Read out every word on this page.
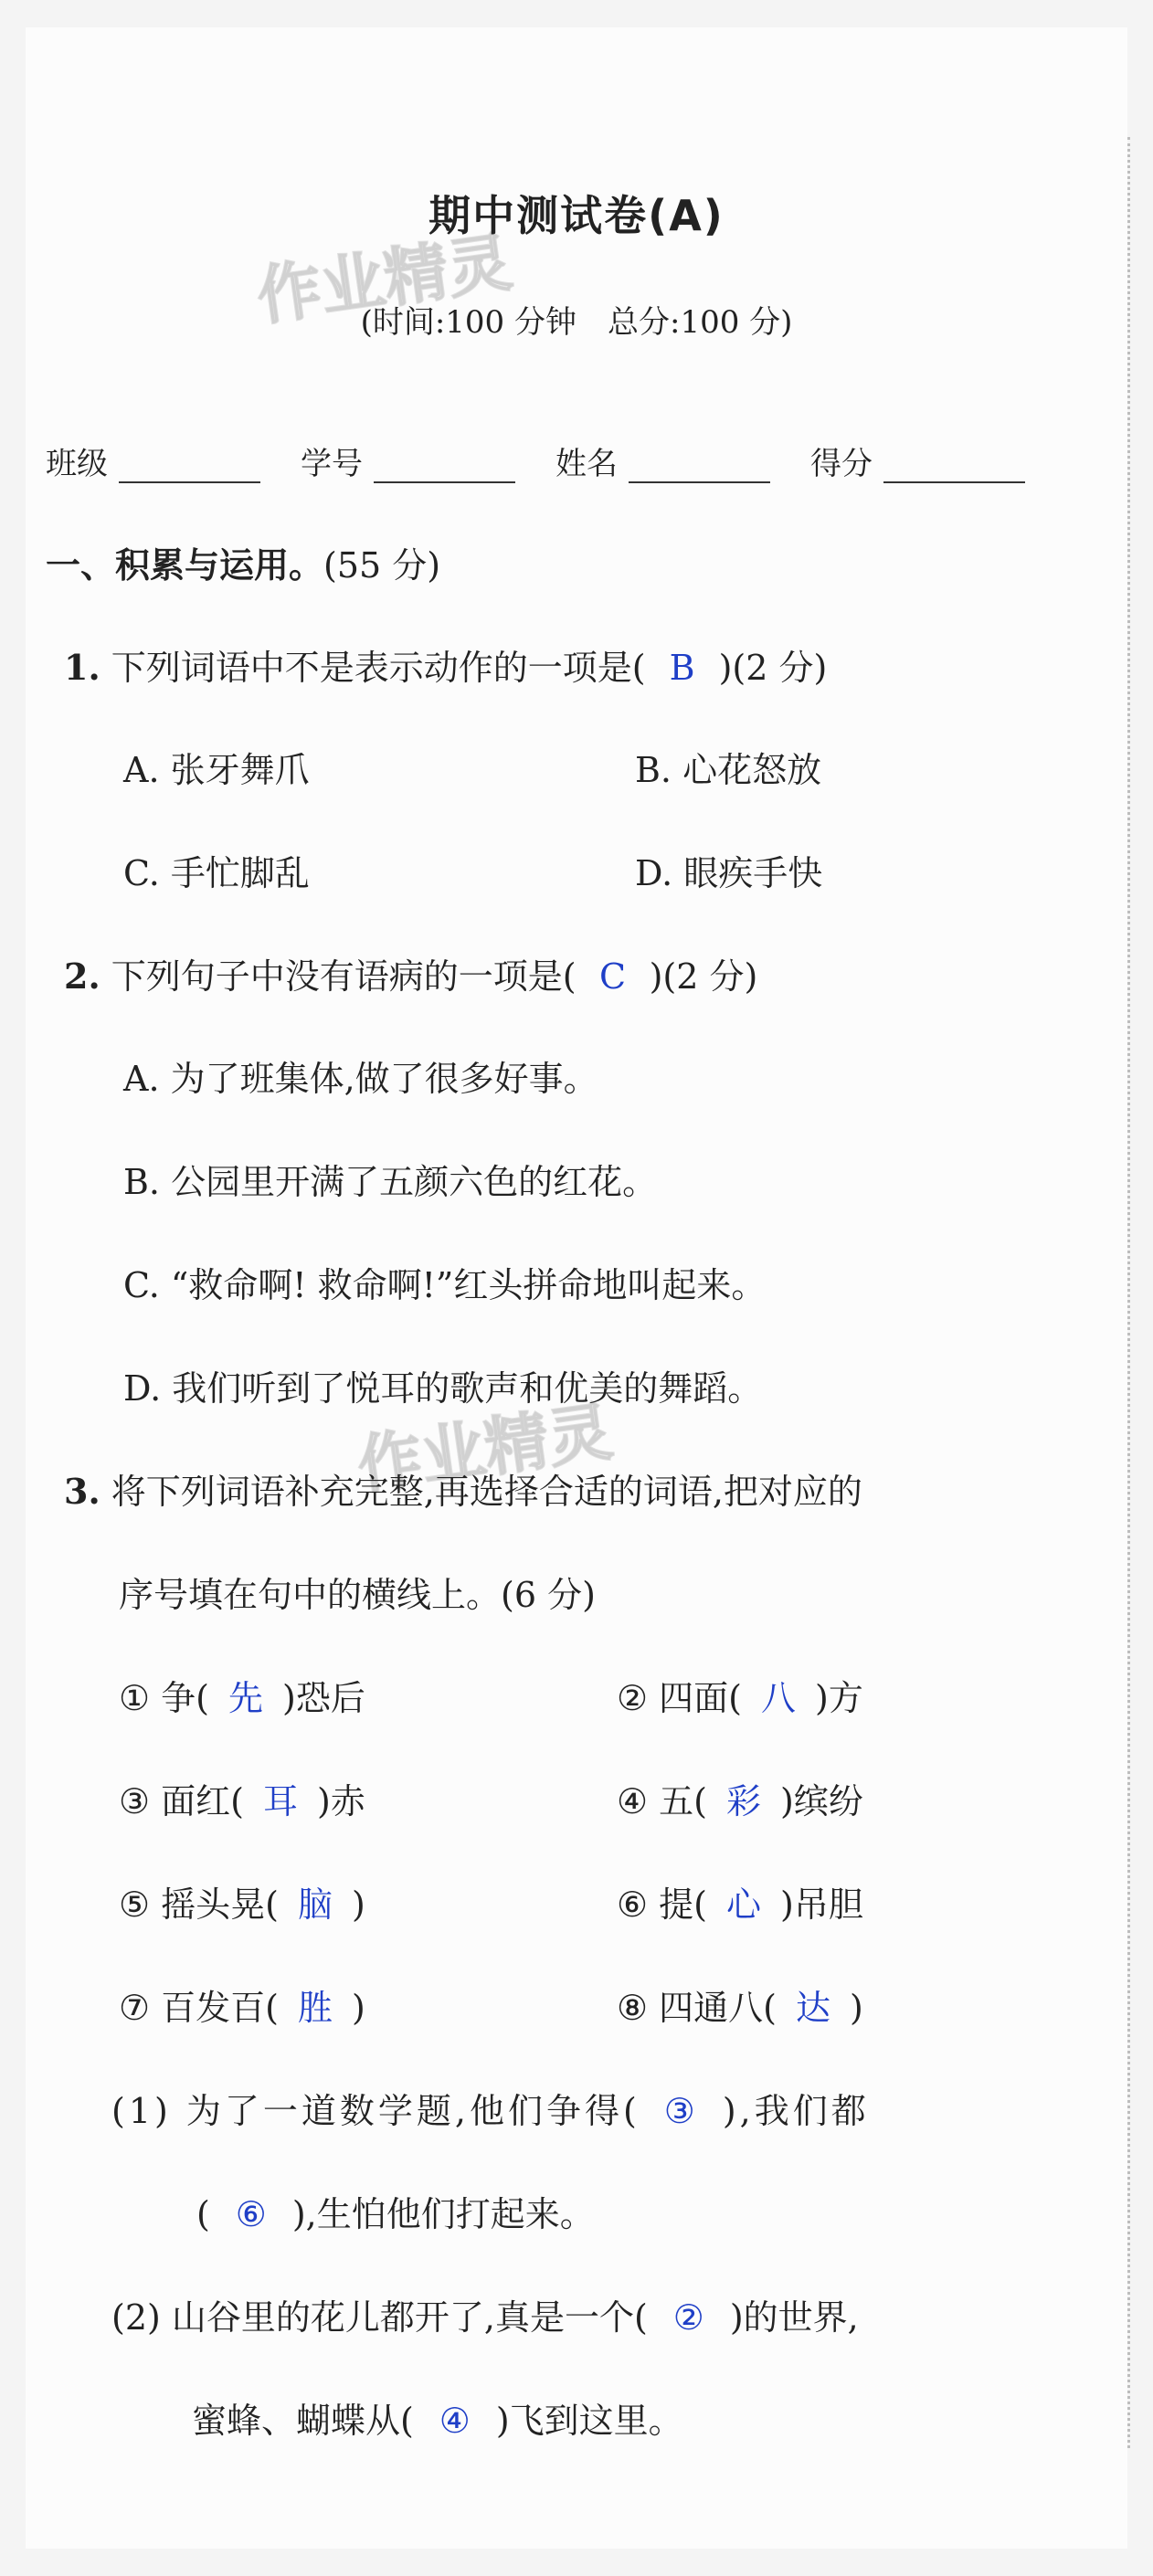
作业精灵
作业精灵
期中测试卷(A)
(时间:100 分钟　总分:100 分)
班级	学号	姓名	得分
一、积累与运用。(55 分)
1. 下列词语中不是表示动作的一项是( B )(2 分)
A. 张牙舞爪	B. 心花怒放
C. 手忙脚乱	D. 眼疾手快
2. 下列句子中没有语病的一项是( C )(2 分)
A. 为了班集体,做了很多好事。
B. 公园里开满了五颜六色的红花。
C. “救命啊! 救命啊!”红头拼命地叫起来。
D. 我们听到了悦耳的歌声和优美的舞蹈。
3. 将下列词语补充完整,再选择合适的词语,把对应的
序号填在句中的横线上。(6 分)
① 争( 先 )恐后	② 四面( 八 )方
③ 面红( 耳 )赤	④ 五( 彩 )缤纷
⑤ 摇头晃( 脑 )	⑥ 提( 心 )吊胆
⑦ 百发百( 胜 )	⑧ 四通八( 达 )
(1) 为了一道数学题,他们争得( ③ ),我们都
( ⑥ ),生怕他们打起来。
(2) 山谷里的花儿都开了,真是一个( ② )的世界,
蜜蜂、蝴蝶从( ④ )飞到这里。
